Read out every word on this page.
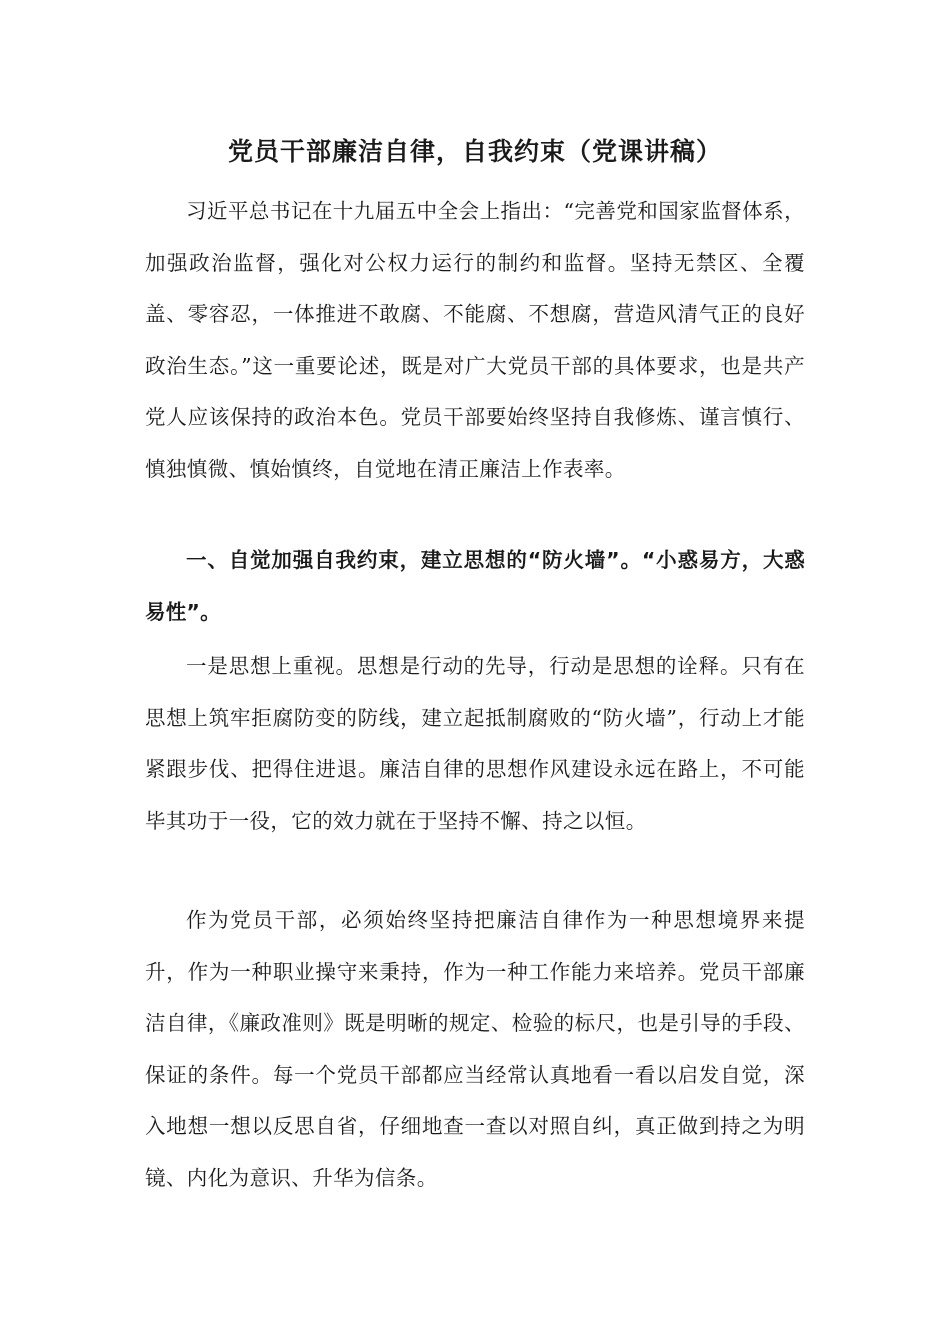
党员干部廉洁自律，自我约束（党课讲稿）
习近平总书记在十九届五中全会上指出：“完善党和国家监督体系，加强政治监督，强化对公权力运行的制约和监督。坚持无禁区、全覆盖、零容忍，一体推进不敢腐、不能腐、不想腐，营造风清气正的良好政治生态。”这一重要论述，既是对广大党员干部的具体要求，也是共产党人应该保持的政治本色。党员干部要始终坚持自我修炼、谨言慎行、慎独慎微、慎始慎终，自觉地在清正廉洁上作表率。
一、自觉加强自我约束，建立思想的“防火墙”。“小惑易方，大惑易性”。
一是思想上重视。思想是行动的先导，行动是思想的诠释。只有在思想上筑牢拒腐防变的防线，建立起抵制腐败的“防火墙”，行动上才能紧跟步伐、把得住进退。廉洁自律的思想作风建设永远在路上，不可能毕其功于一役，它的效力就在于坚持不懈、持之以恒。
作为党员干部，必须始终坚持把廉洁自律作为一种思想境界来提升，作为一种职业操守来秉持，作为一种工作能力来培养。党员干部廉洁自律，《廉政准则》既是明晰的规定、检验的标尺，也是引导的手段、保证的条件。每一个党员干部都应当经常认真地看一看以启发自觉，深入地想一想以反思自省，仔细地查一查以对照自纠，真正做到持之为明镜、内化为意识、升华为信条。
